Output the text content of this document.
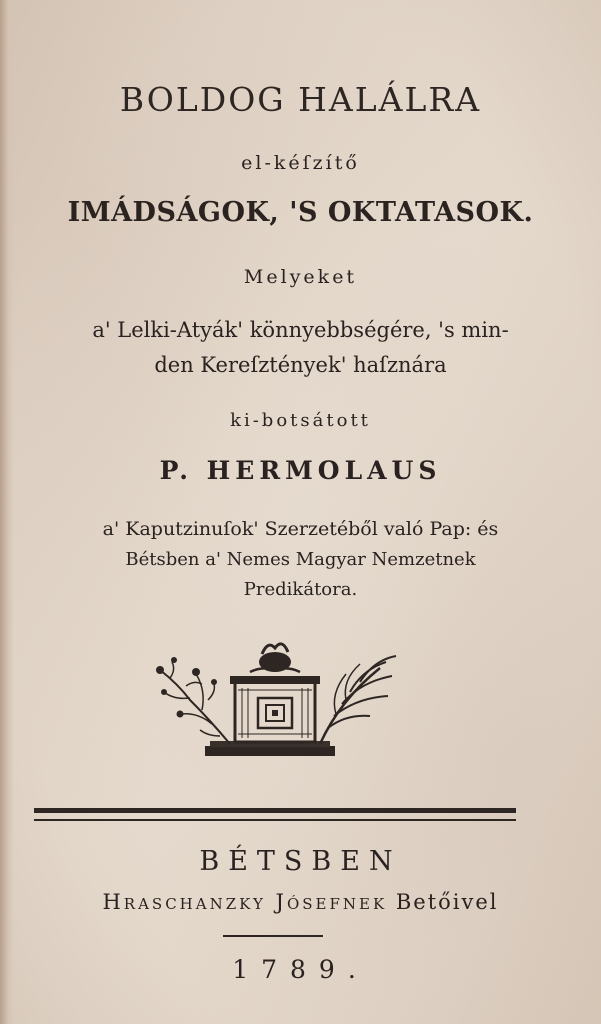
BOLDOG HALÁLRA
el-kéſzítő
IMÁDSÁGOK, 'S OKTATASOK.
Melyeket
a' Lelki-Atyák' könnyebbségére, 's min-
den Kereſztények' haſznára
ki-botsátott
P. HERMOLAUS
a' Kaputzinuſok' Szerzetéből való Pap: és
Bétsben a' Nemes Magyar Nemzetnek
Predikátora.
BÉTSBEN
Hraschanzky Jósefnek Betőivel
1789.
